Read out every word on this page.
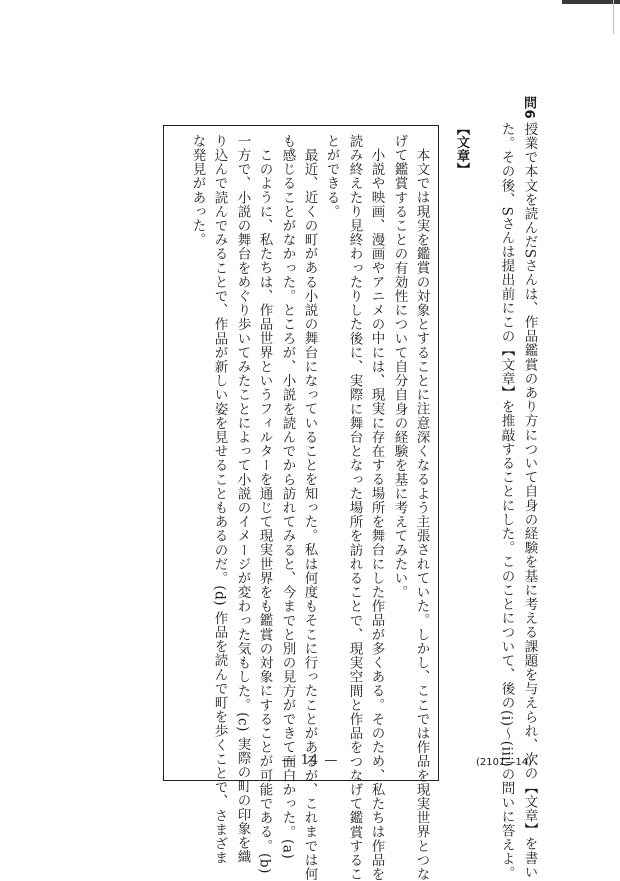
問6
授業で本文を読んだSさんは、作品鑑賞のあり方について自身の経験を基に考える課題を与えられ、次の【文章】を書い
た。その後、Sさんは提出前にこの【文章】を推敲することにした。このことについて、後の(i)～(iii)の問いに答えよ。
【文章】
本文では現実を鑑賞の対象とすることに注意深くなるよう主張されていた。しかし、ここでは作品を現実世界とつな
げて鑑賞することの有効性について自分自身の経験を基に考えてみたい。
小説や映画、漫画やアニメの中には、現実に存在する場所を舞台にした作品が多くある。そのため、私たちは作品を
読み終えたり見終わったりした後に、実際に舞台となった場所を訪れることで、現実空間と作品をつなげて鑑賞するこ
とができる。
最近、近くの町がある小説の舞台になっていることを知った。私は何度もそこに行ったことがあるが、これまでは何
も感じることがなかった。ところが、小説を読んでから訪れてみると、今までと別の見方ができて面白かった。(a)
このように、私たちは、作品世界というフィルターを通じて現実世界をも鑑賞の対象にすることが可能である。(b)
一方で、小説の舞台をめぐり歩いてみたことによって小説のイメージが変わった気もした。(c) 実際の町の印象を織
り込んで読んでみることで、作品が新しい姿を見せることもあるのだ。(d) 作品を読んで町を歩くことで、さまざま
な発見があった。
— 14 —	(2101—14)
